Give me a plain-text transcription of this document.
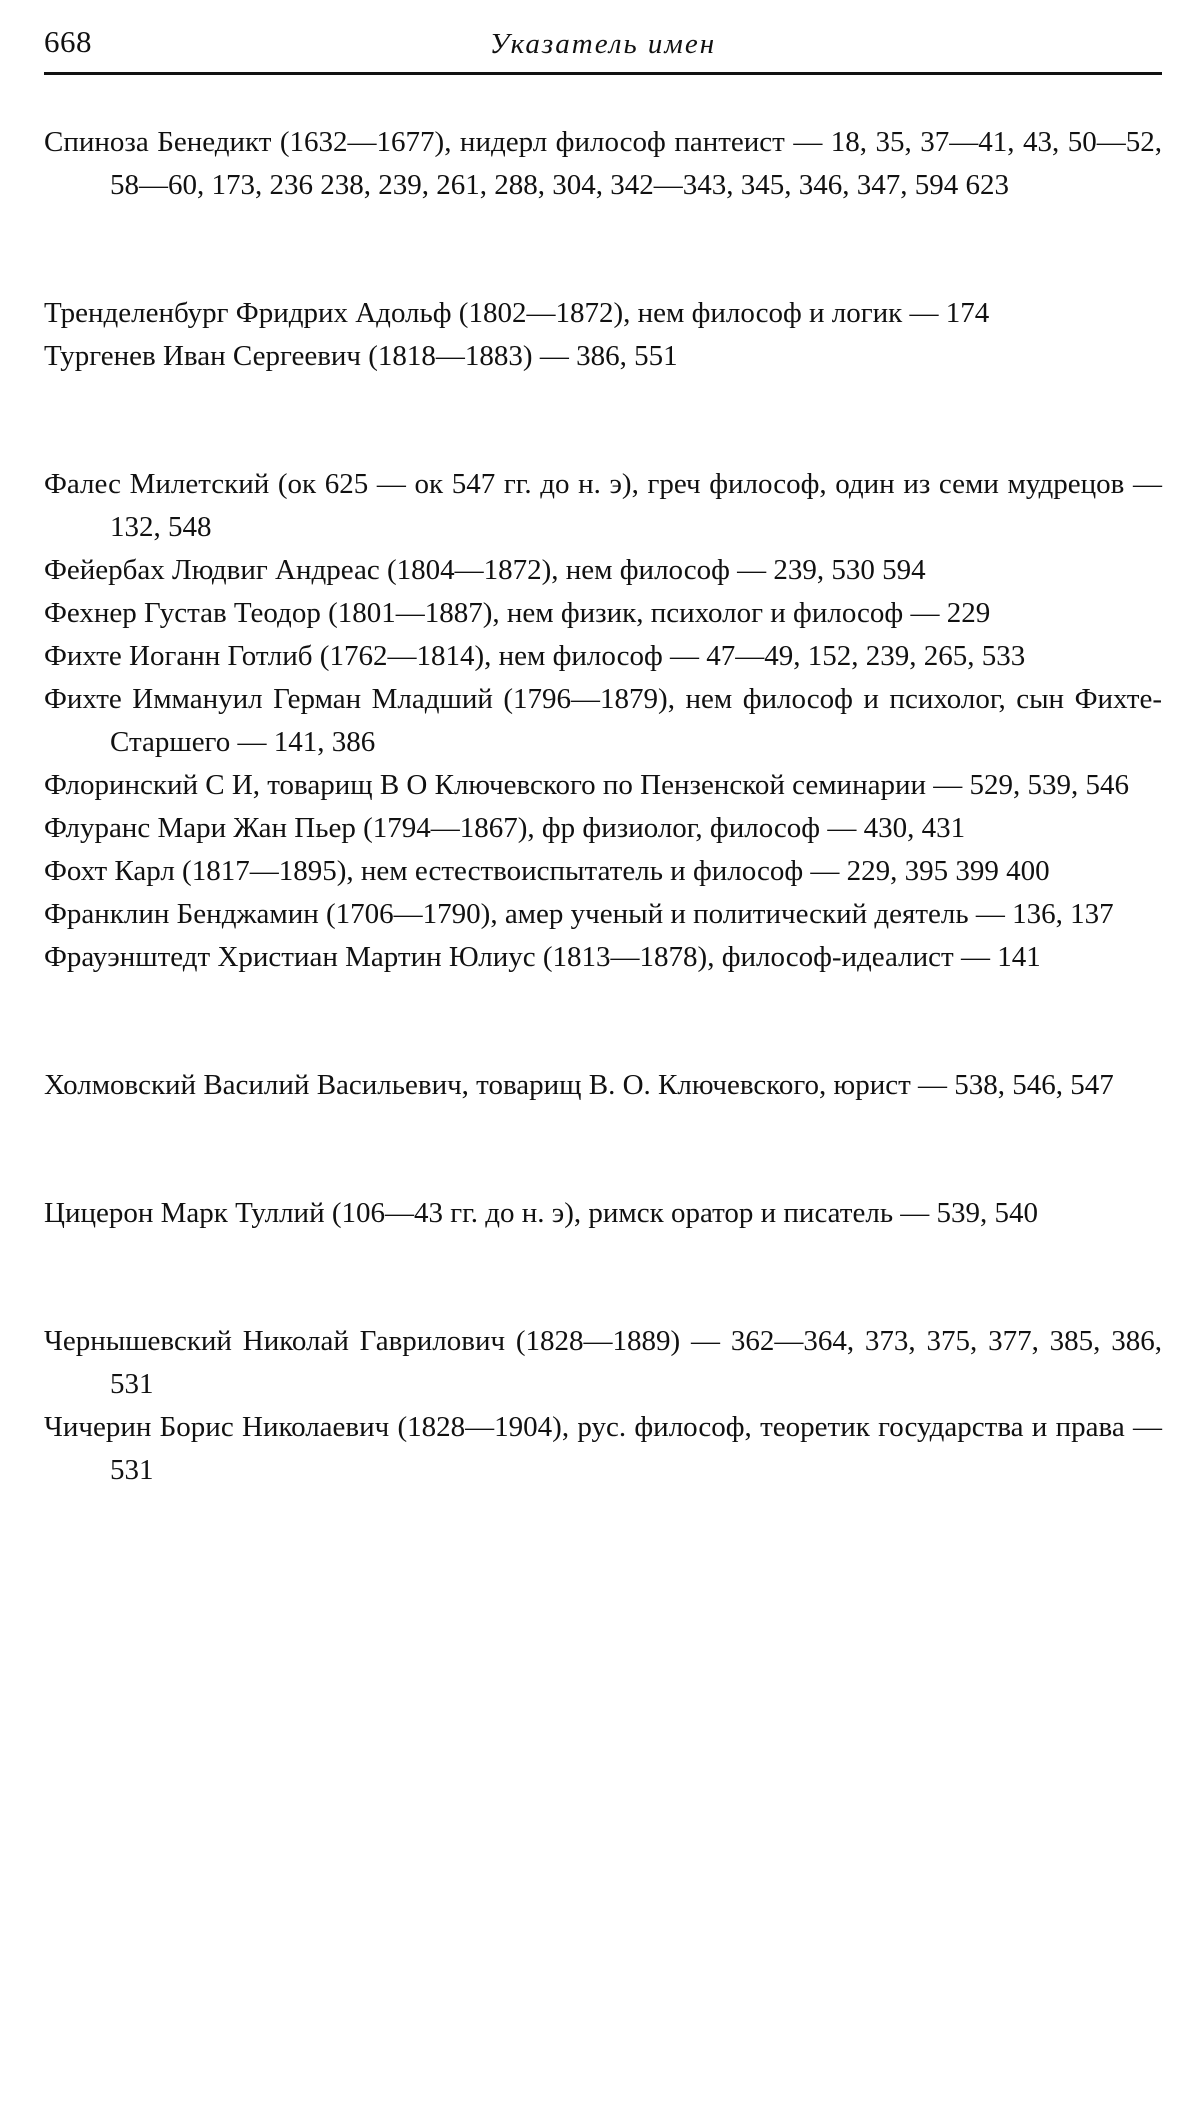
668	Указатель имен

Спиноза Бенедикт (1632—1677), нидерл философ пантеист — 18, 35, 37—41, 43, 50—52, 58—60, 173, 236 238, 239, 261, 288, 304, 342—343, 345, 346, 347, 594 623

Тренделенбург Фридрих Адольф (1802—1872), нем философ и логик — 174

Тургенев Иван Сергеевич (1818—1883) — 386, 551

Фалес Милетский (ок 625 — ок 547 гг. до н. э), греч философ, один из семи мудрецов — 132, 548

Фейербах Людвиг Андреас (1804—1872), нем философ — 239, 530 594

Фехнер Густав Теодор (1801—1887), нем физик, психолог и философ — 229

Фихте Иоганн Готлиб (1762—1814), нем философ — 47—49, 152, 239, 265, 533

Фихте Иммануил Герман Младший (1796—1879), нем философ и психолог, сын Фихте-Старшего — 141, 386

Флоринский С И, товарищ В О Ключевского по Пензенской семинарии — 529, 539, 546

Флуранс Мари Жан Пьер (1794—1867), фр физиолог, философ — 430, 431

Фохт Карл (1817—1895), нем естествоиспытатель и философ — 229, 395 399 400

Франклин Бенджамин (1706—1790), амер ученый и политический деятель — 136, 137

Фрауэнштедт Христиан Мартин Юлиус (1813—1878), философ-идеалист — 141

Холмовский Василий Васильевич, товарищ В. О. Ключевского, юрист — 538, 546, 547

Цицерон Марк Туллий (106—43 гг. до н. э), римск оратор и писатель — 539, 540

Чернышевский Николай Гаврилович (1828—1889) — 362—364, 373, 375, 377, 385, 386, 531

Чичерин Борис Николаевич (1828—1904), рус. философ, теоретик государства и права — 531
